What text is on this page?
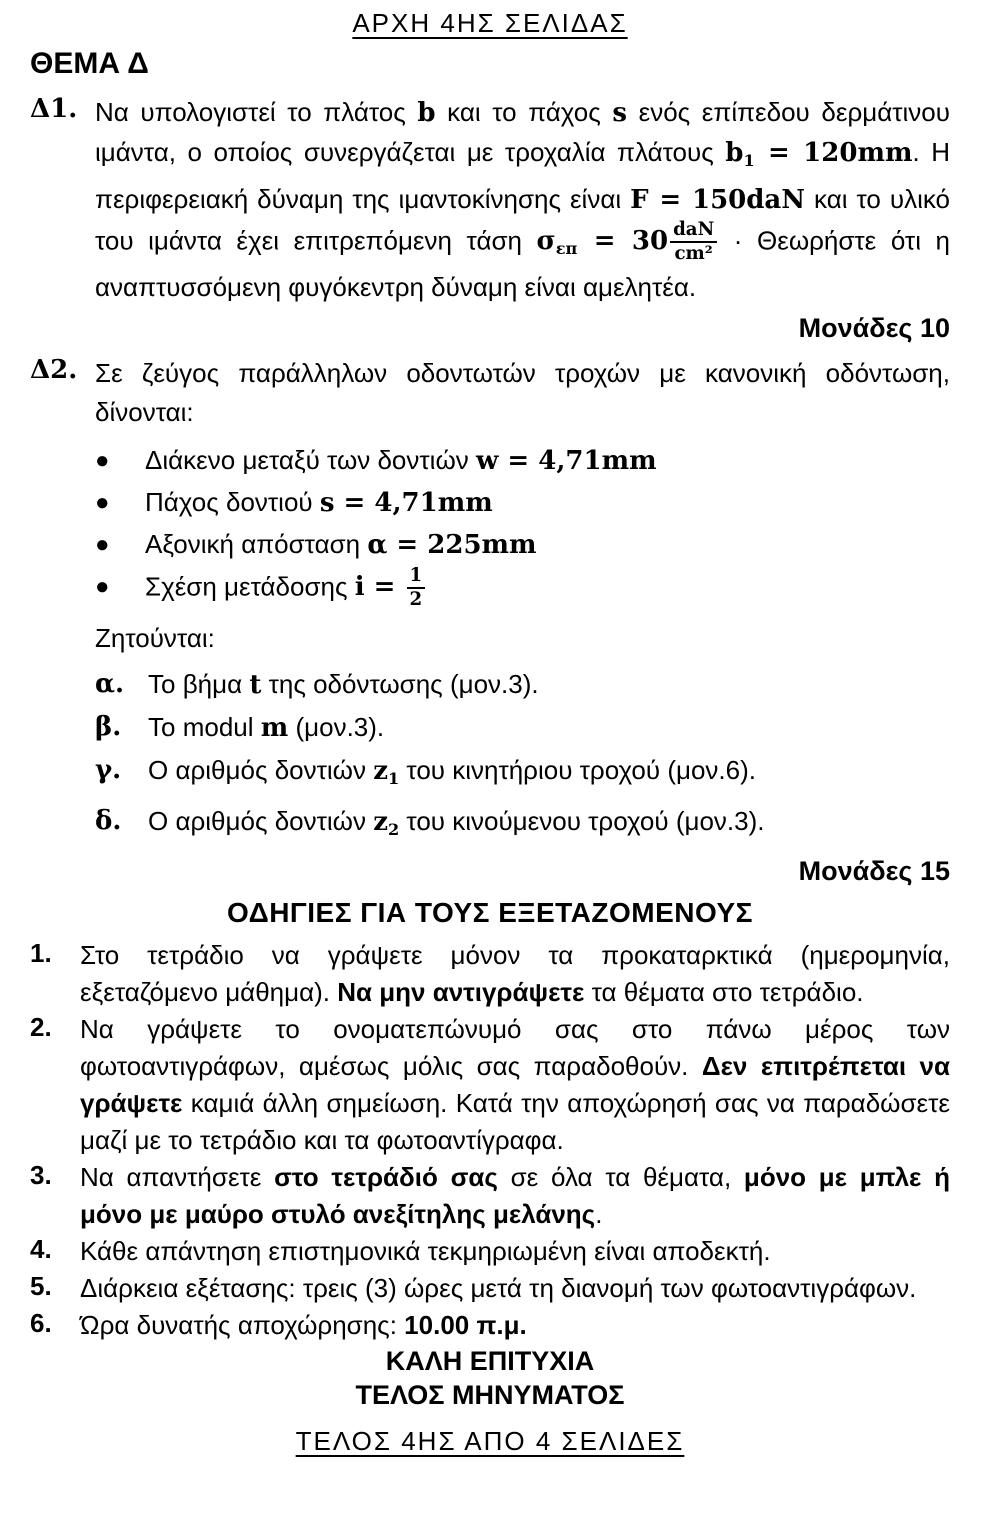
ΑΡΧΗ 4ΗΣ ΣΕΛΙΔΑΣ
ΘΕΜΑ Δ
Δ1. Να υπολογιστεί το πλάτος b και το πάχος s ενός επίπεδου δερμάτινου ιμάντα, ο οποίος συνεργάζεται με τροχαλία πλάτους $b_1 = 120mm$. Η περιφερειακή δύναμη της ιμαντοκίνησης είναι F = 150daN και το υλικό του ιμάντα έχει επιτρεπόμενη τάση $\sigma_{\varepsilon\pi} = 30 \frac{\text{daN}}{\text{cm²}} \cdot \Theta\varepsilon\omega\rho ή\sigma\tau\varepsilon$ ότι η αναπτυσσόμενη φυγόκεντρη δύναμη είναι αμελητέα.

Μονάδες 10
Δ2. Σε ζεύγος παράλληλων οδοντωτών τροχών με κανονική οδόντωση, δίνονται:

●	Διάκενο μεταξύ των δοντιών w = 4,71mm
●	Πάχος δοντιού s = 4,71mm
●	Αξονική απόσταση α = 225mm
●	Σχέση μετάδοσης $i = \frac{1}{2}$

Ζητούνται:

α. Το βήμα t της οδόντωσης (μον.3).
β.	Το modul m (μον.3).
γ.	Ο αριθμός δοντιών $z_1$ του κινητήριου τροχού (μον.6).
δ.	Ο αριθμός δοντιών $z_2$ του κινούμενου τροχού (μον.3).
Μονάδες 15
ΟΔΗΓΙΕΣ ΓΙΑ ΤΟΥΣ ΕΞΕΤΑΖΟΜΕΝΟΥΣ
1.	Στο τετράδιο να γράψετε μόνον τα προκαταρκτικά (ημερομηνία, εξεταζόμενο μάθημα). Να μην αντιγράψετε τα θέματα στο τετράδιο.

2.	Να γράψετε το ονοματεπώνυμό σας στο πάνω μέρος των φωτοαντιγράφων, αμέσως μόλις σας παραδοθούν. Δεν επιτρέπεται να γράψετε καμιά άλλη σημείωση. Κατά την αποχώρησή σας να παραδώσετε μαζί με το τετράδιο και τα φωτοαντίγραφα.

3.	Να απαντήσετε στο τετράδιό σας σε όλα τα θέματα, μόνο με μπλε ή μόνο με μαύρο στυλό ανεξίτηλης μελάνης.

4.	Κάθε απάντηση επιστημονικά τεκμηριωμένη είναι αποδεκτή.

5.	Διάρκεια εξέτασης: τρεις (3) ώρες μετά τη διανομή των φωτοαντιγράφων.

6.	Ώρα δυνατής αποχώρησης: 10.00 π.μ.

ΚΑΛΗ ΕΠΙΤΥΧΙΑ
ΤΕΛΟΣ ΜΗΝΥΜΑΤΟΣ
ΤΕΛΟΣ 4ΗΣ ΑΠΟ 4 ΣΕΛΙΔΕΣ
